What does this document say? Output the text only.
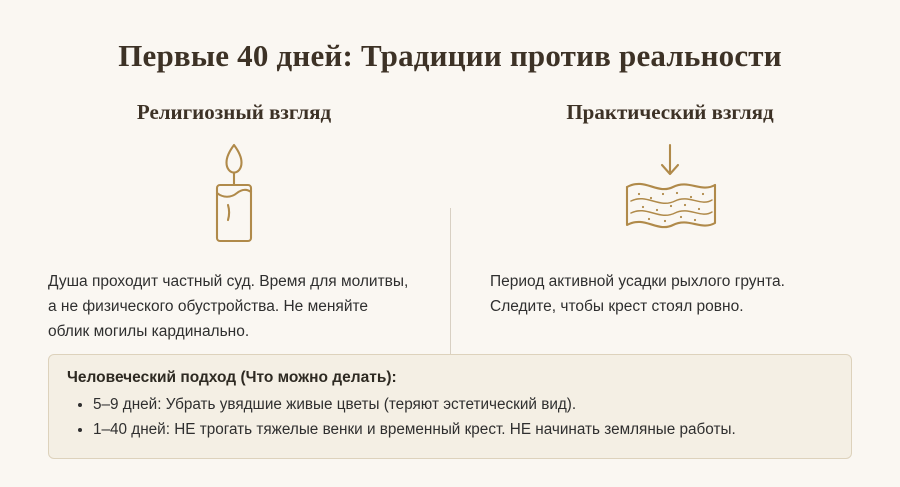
Первые 40 дней: Традиции против реальности
Религиозный взгляд
Душа проходит частный суд. Время для молитвы, а не физического обустройства. Не меняйте облик могилы кардинально.
Практический взгляд
Период активной усадки рыхлого грунта. Следите, чтобы крест стоял ровно.
Человеческий подход (Что можно делать):
• 5–9 дней: Убрать увядшие живые цветы (теряют эстетический вид).
• 1–40 дней: НЕ трогать тяжелые венки и временный крест. НЕ начинать земляные работы.
